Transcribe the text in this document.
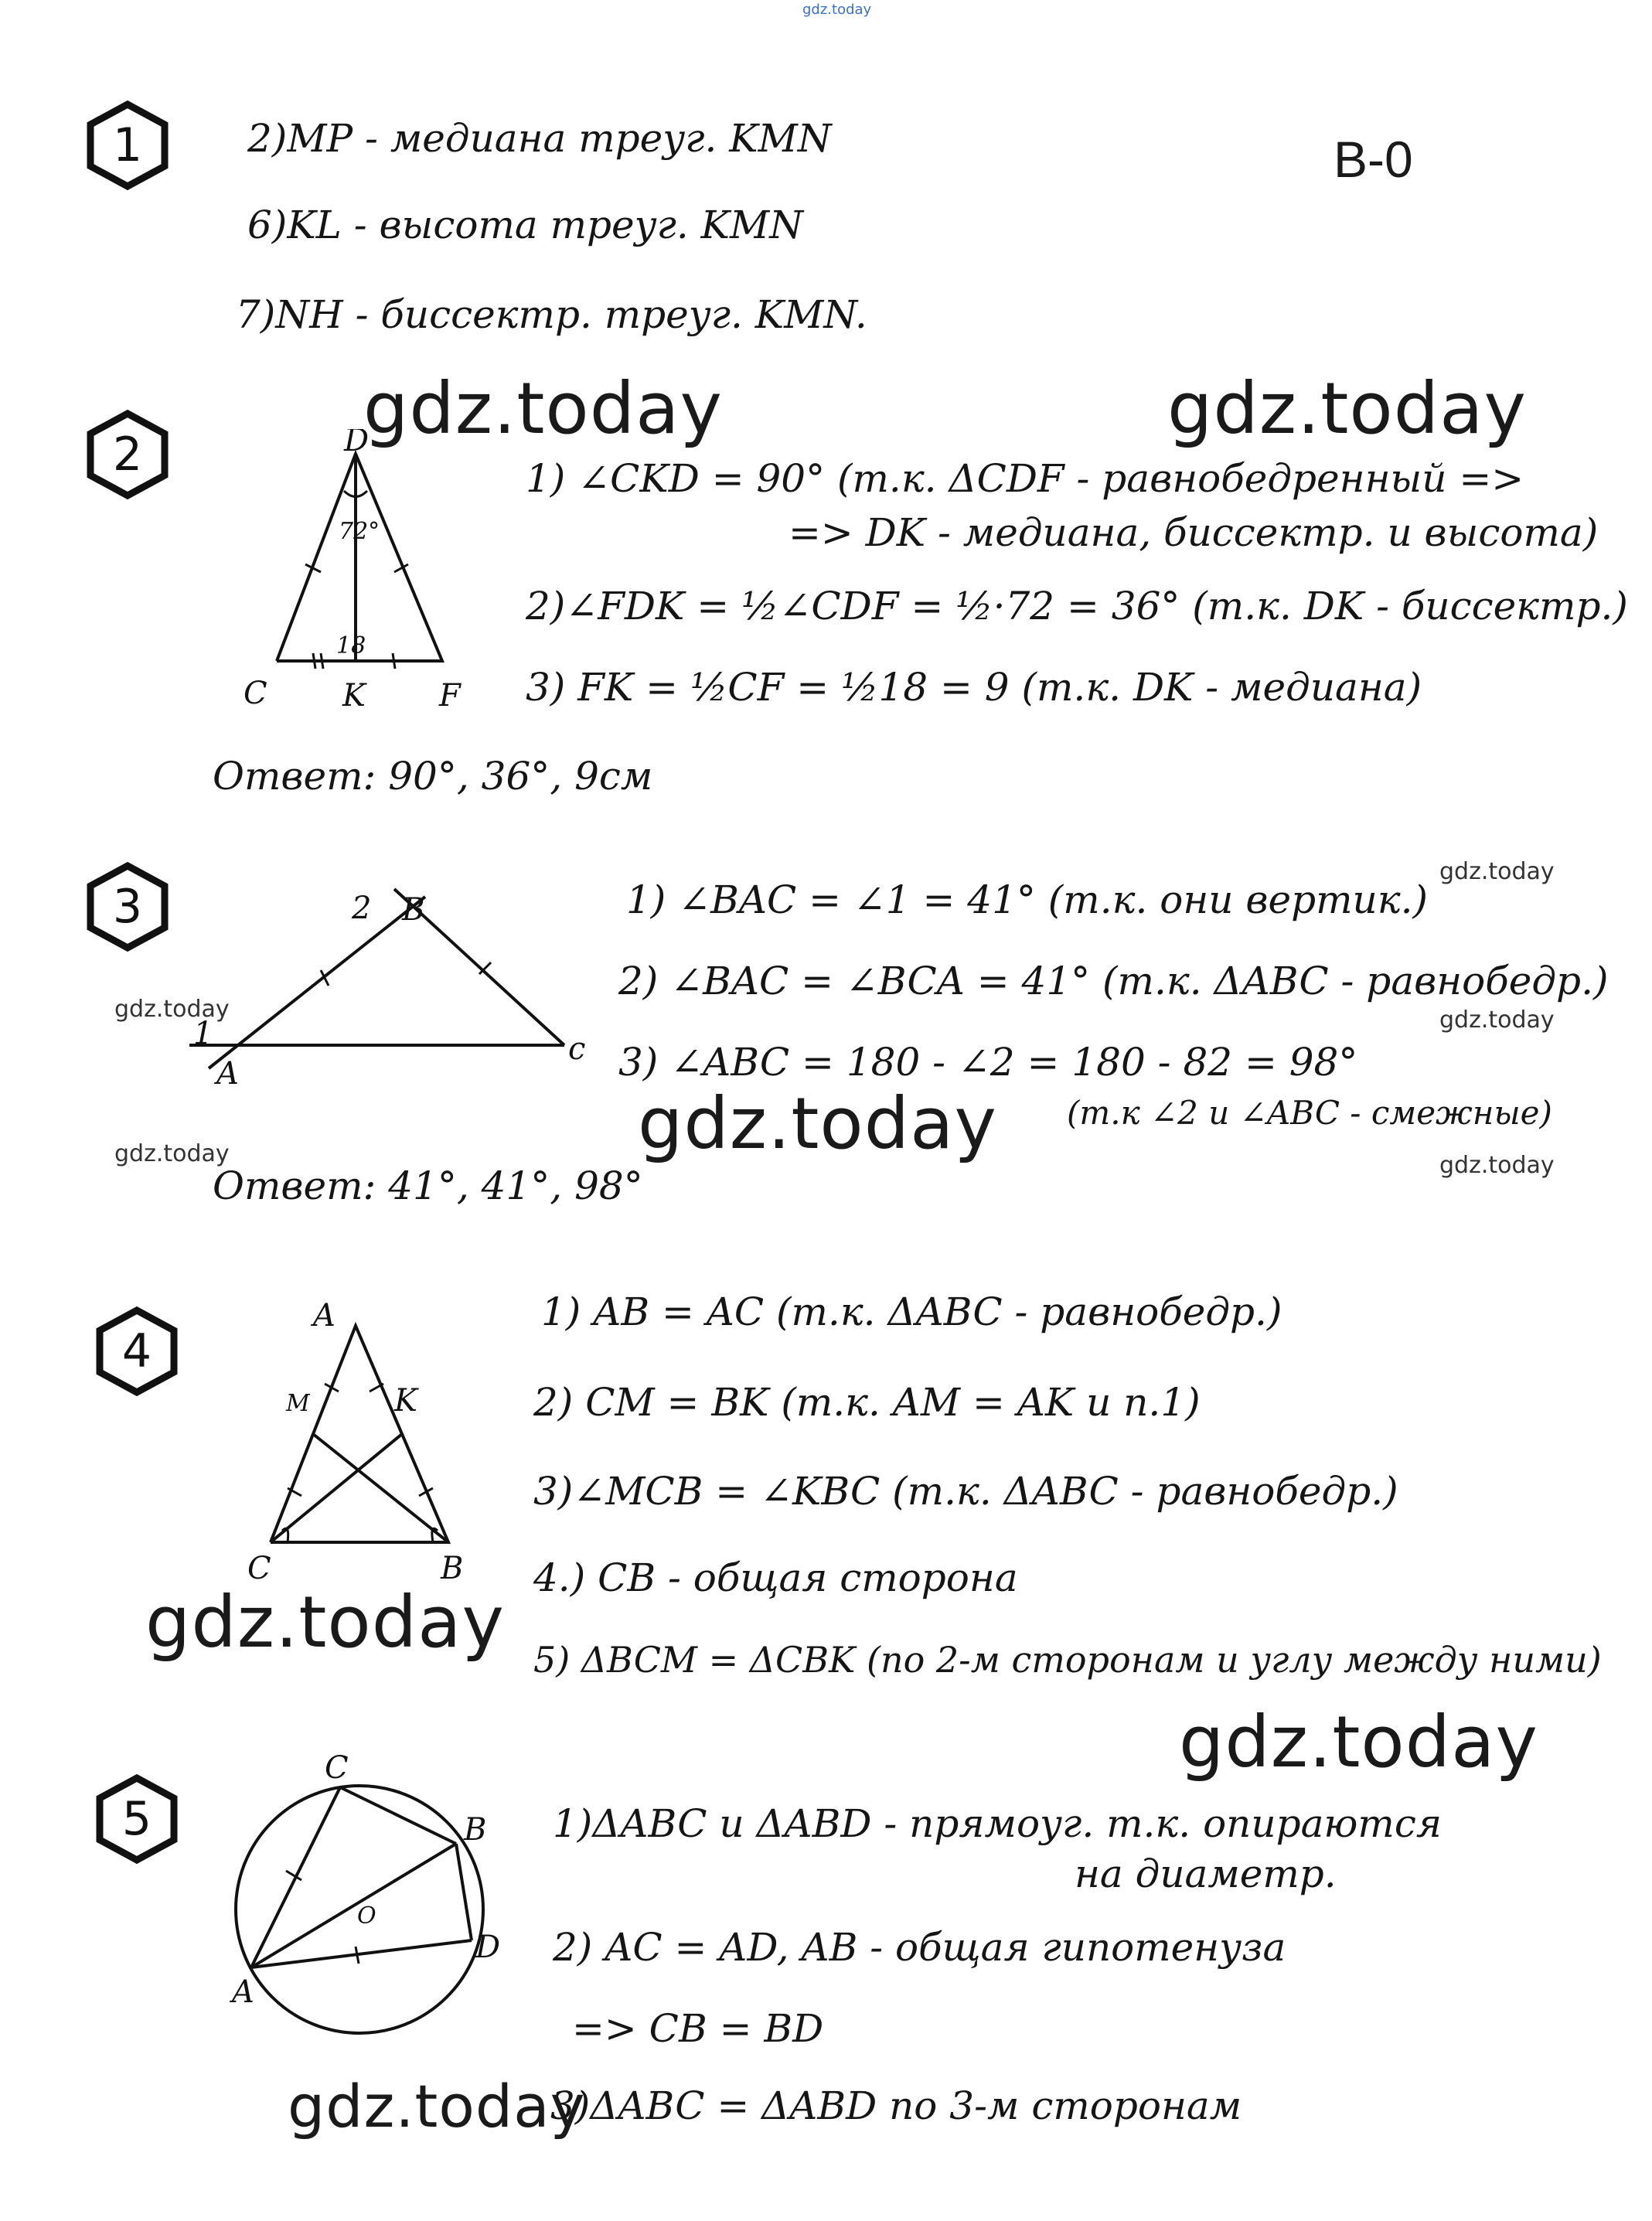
gdz.today
В-0
1	2)MP - медиана треуг. KMN
6)KL - высота треуг. KMN
7)NH - биссектр. треуг. KMN.
gdz.today	gdz.today
2	D
72°
18
C K F
1) ∠CKD = 90° (т.к. ΔCDF - равнобедренный =>
=> DK - медиана, биссектр. и высота)
2)∠FDK = ½∠CDF = ½·72 = 36° (т.к. DK - биссектр.)
3) FK = ½CF = ½18 = 9 (т.к. DK - медиана)
Ответ: 90°, 36°, 9см
3
1
A
2 B
c
gdz.today
gdz.today	gdz.today
gdz.today	gdz.today
1) ∠BAC = ∠1 = 41° (т.к. они вертик.)
2) ∠BAC = ∠BCA = 41° (т.к. ΔABC - равнобедр.)
3) ∠ABC = 180 - ∠2 = 180 - 82 = 98°
gdz.today (т.к ∠2 и ∠ABC - смежные)
Ответ: 41°, 41°, 98°
4
A
M	K
C	B
1) AB = AC (т.к. ΔABC - равнобедр.)
2) CM = BK (т.к. AM = AK и п.1)
3)∠MCB = ∠KBC (т.к. ΔABC - равнобедр.)
4.) CB - общая сторона
gdz.today 5) ΔBCM = ΔCBK (по 2-м сторонам и углу между ними)
gdz.today
5
C
B
O
A
D
1)ΔABC и ΔABD - прямоуг. т.к. опираются
на диаметр.
2) AC = AD, AB - общая гипотенуза
=> CB = BD
gdz.today
3)ΔABC = ΔABD по 3-м сторонам
